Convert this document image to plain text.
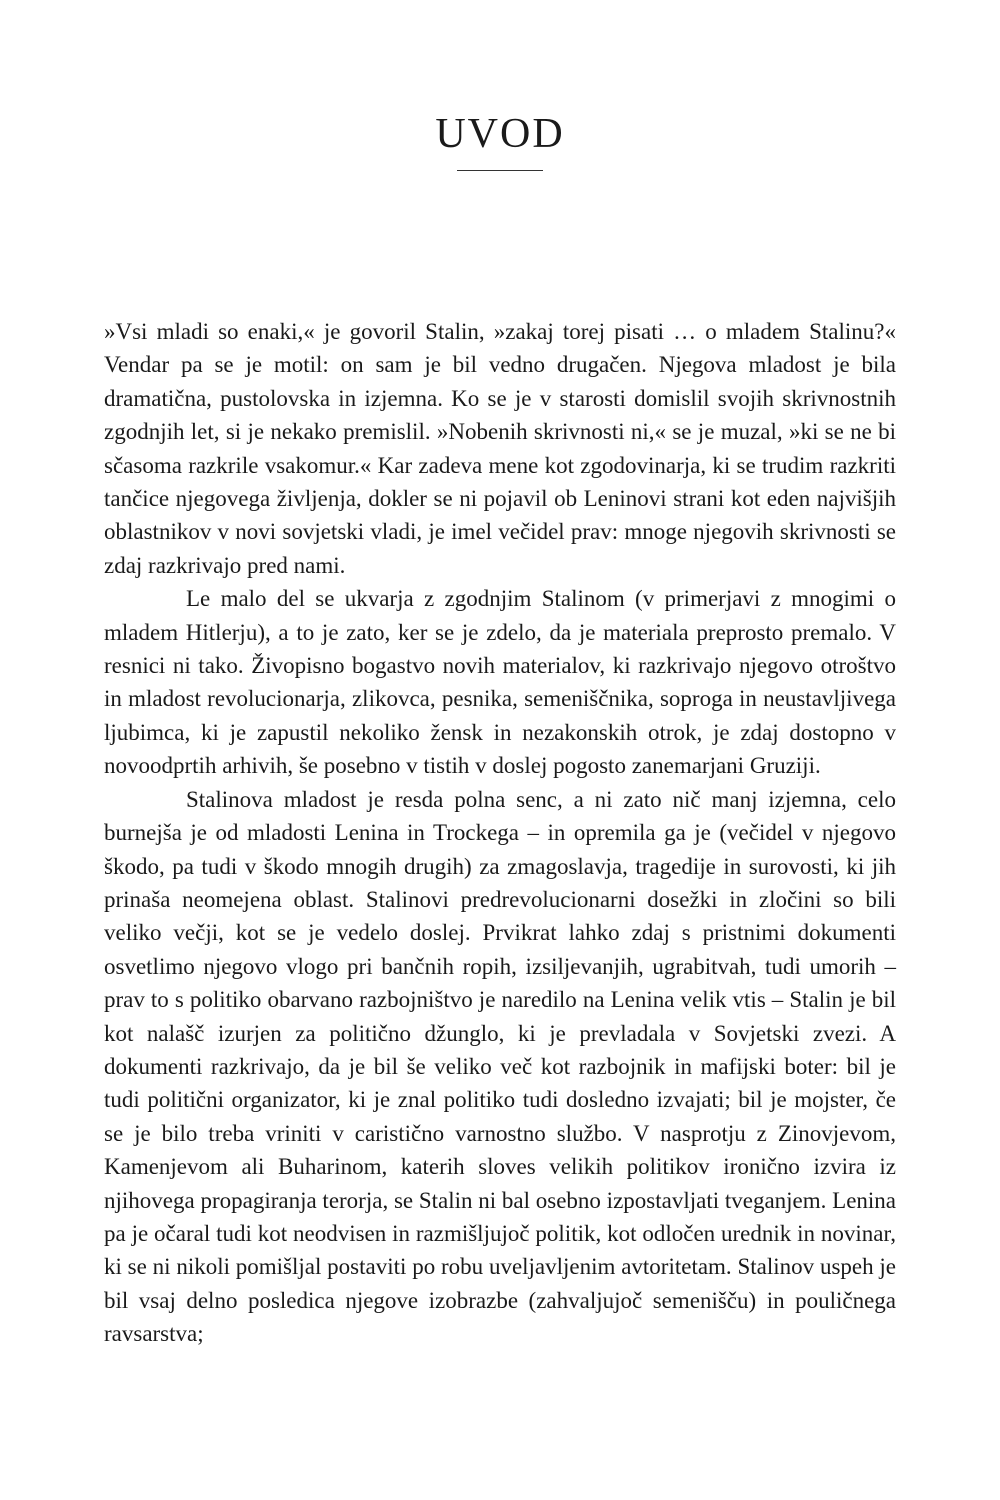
UVOD

»Vsi mladi so enaki,« je govoril Stalin, »zakaj torej pisati … o mladem Stalinu?« Vendar pa se je motil: on sam je bil vedno drugačen. Njegova mladost je bila dramatična, pustolovska in izjemna. Ko se je v starosti domislil svojih skrivnostnih zgodnjih let, si je nekako premislil. »Nobenih skrivnosti ni,« se je muzal, »ki se ne bi sčasoma razkrile vsakomur.« Kar zadeva mene kot zgodovinarja, ki se trudim razkriti tančice njegovega življenja, dokler se ni pojavil ob Leninovi strani kot eden najvišjih oblastnikov v novi sovjetski vladi, je imel večidel prav: mnoge njegovih skrivnosti se zdaj razkrivajo pred nami.

Le malo del se ukvarja z zgodnjim Stalinom (v primerjavi z mnogimi o mladem Hitlerju), a to je zato, ker se je zdelo, da je materiala preprosto premalo. V resnici ni tako. Živopisno bogastvo novih materialov, ki razkrivajo njegovo otroštvo in mladost revolucionarja, zlikovca, pesnika, semeniščnika, soproga in neustavljivega ljubimca, ki je zapustil nekoliko žensk in nezakonskih otrok, je zdaj dostopno v novoodprtih arhivih, še posebno v tistih v doslej pogosto zanemarjani Gruziji.

Stalinova mladost je resda polna senc, a ni zato nič manj izjemna, celo burnejša je od mladosti Lenina in Trockega – in opremila ga je (večidel v njegovo škodo, pa tudi v škodo mnogih drugih) za zmagoslavja, tragedije in surovosti, ki jih prinaša neomejena oblast. Stalinovi predrevolucionarni dosežki in zločini so bili veliko večji, kot se je vedelo doslej. Prvikrat lahko zdaj s pristnimi dokumenti osvetlimo njegovo vlogo pri bančnih ropih, izsiljevanjih, ugrabitvah, tudi umorih – prav to s politiko obarvano razbojništvo je naredilo na Lenina velik vtis – Stalin je bil kot nalašč izurjen za politično džunglo, ki je prevladala v Sovjetski zvezi. A dokumenti razkrivajo, da je bil še veliko več kot razbojnik in mafijski boter: bil je tudi politični organizator, ki je znal politiko tudi dosledno izvajati; bil je mojster, če se je bilo treba vriniti v caristično varnostno službo. V nasprotju z Zinovjevom, Kamenjevom ali Buharinom, katerih sloves velikih politikov ironično izvira iz njihovega propagiranja terorja, se Stalin ni bal osebno izpostavljati tveganjem. Lenina pa je očaral tudi kot neodvisen in razmišljujoč politik, kot odločen urednik in novinar, ki se ni nikoli pomišljal postaviti po robu uveljavljenim avtoritetam. Stalinov uspeh je bil vsaj delno posledica njegove izobrazbe (zahvaljujoč semenišču) in pouličnega ravsarstva;
